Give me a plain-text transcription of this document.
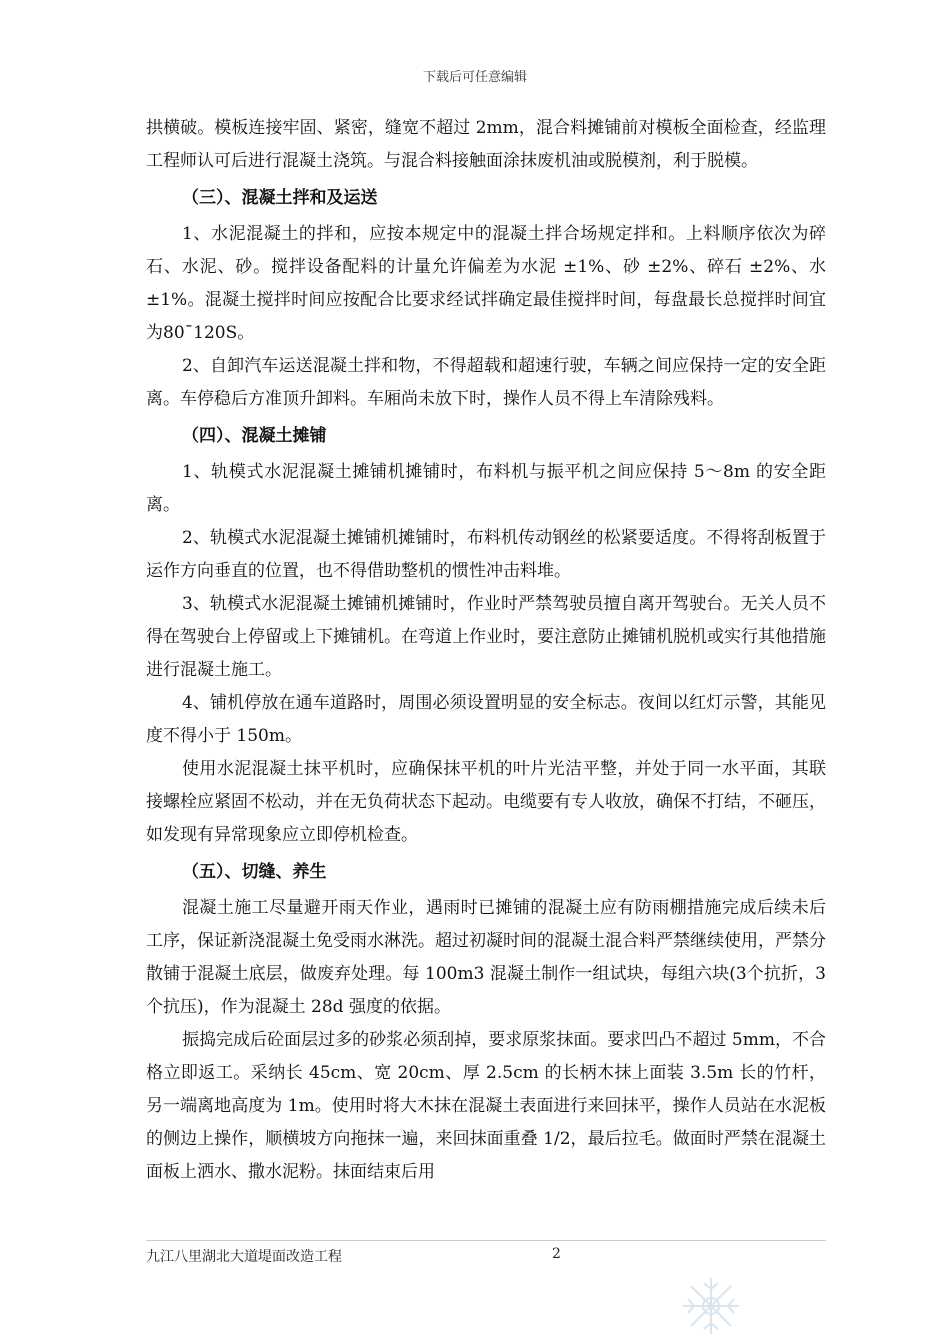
下载后可任意编辑

拱横破。模板连接牢固、紧密，缝宽不超过 2mm，混合料摊铺前对模板全面检查，经监理工程师认可后进行混凝土浇筑。与混合料接触面涂抹废机油或脱模剂，利于脱模。

（三）、混凝土拌和及运送

1、水泥混凝土的拌和，应按本规定中的混凝土拌合场规定拌和。上料顺序依次为碎石、水泥、砂。搅拌设备配料的计量允许偏差为水泥 ±1%、砂 ±2%、碎石 ±2%、水 ±1%。混凝土搅拌时间应按配合比要求经试拌确定最佳搅拌时间，每盘最长总搅拌时间宜为80¯120S。

2、自卸汽车运送混凝土拌和物，不得超载和超速行驶，车辆之间应保持一定的安全距离。车停稳后方准顶升卸料。车厢尚未放下时，操作人员不得上车清除残料。

（四）、混凝土摊铺

1、轨模式水泥混凝土摊铺机摊铺时，布料机与振平机之间应保持 5～8m 的安全距离。

2、轨模式水泥混凝土摊铺机摊铺时，布料机传动钢丝的松紧要适度。不得将刮板置于运作方向垂直的位置，也不得借助整机的惯性冲击料堆。

3、轨模式水泥混凝土摊铺机摊铺时，作业时严禁驾驶员擅自离开驾驶台。无关人员不得在驾驶台上停留或上下摊铺机。在弯道上作业时，要注意防止摊铺机脱机或实行其他措施进行混凝土施工。

4、铺机停放在通车道路时，周围必须设置明显的安全标志。夜间以红灯示警，其能见度不得小于 150m。

使用水泥混凝土抹平机时，应确保抹平机的叶片光洁平整，并处于同一水平面，其联接螺栓应紧固不松动，并在无负荷状态下起动。电缆要有专人收放，确保不打结，不砸压，如发现有异常现象应立即停机检查。

（五）、切缝、养生

混凝土施工尽量避开雨天作业，遇雨时已摊铺的混凝土应有防雨棚措施完成后续未后工序，保证新浇混凝土免受雨水淋洗。超过初凝时间的混凝土混合料严禁继续使用，严禁分散铺于混凝土底层，做废弃处理。每 100m3 混凝土制作一组试块，每组六块(3个抗折，3个抗压)，作为混凝土 28d 强度的依据。

振捣完成后砼面层过多的砂浆必须刮掉，要求原浆抹面。要求凹凸不超过 5mm，不合格立即返工。采纳长 45cm、宽 20cm、厚 2.5cm 的长柄木抹上面装 3.5m 长的竹杆，另一端离地高度为 1m。使用时将大木抹在混凝土表面进行来回抹平，操作人员站在水泥板的侧边上操作，顺横坡方向拖抹一遍，来回抹面重叠 1/2，最后拉毛。做面时严禁在混凝土面板上洒水、撒水泥粉。抹面结束后用

九江八里湖北大道堤面改造工程	2
